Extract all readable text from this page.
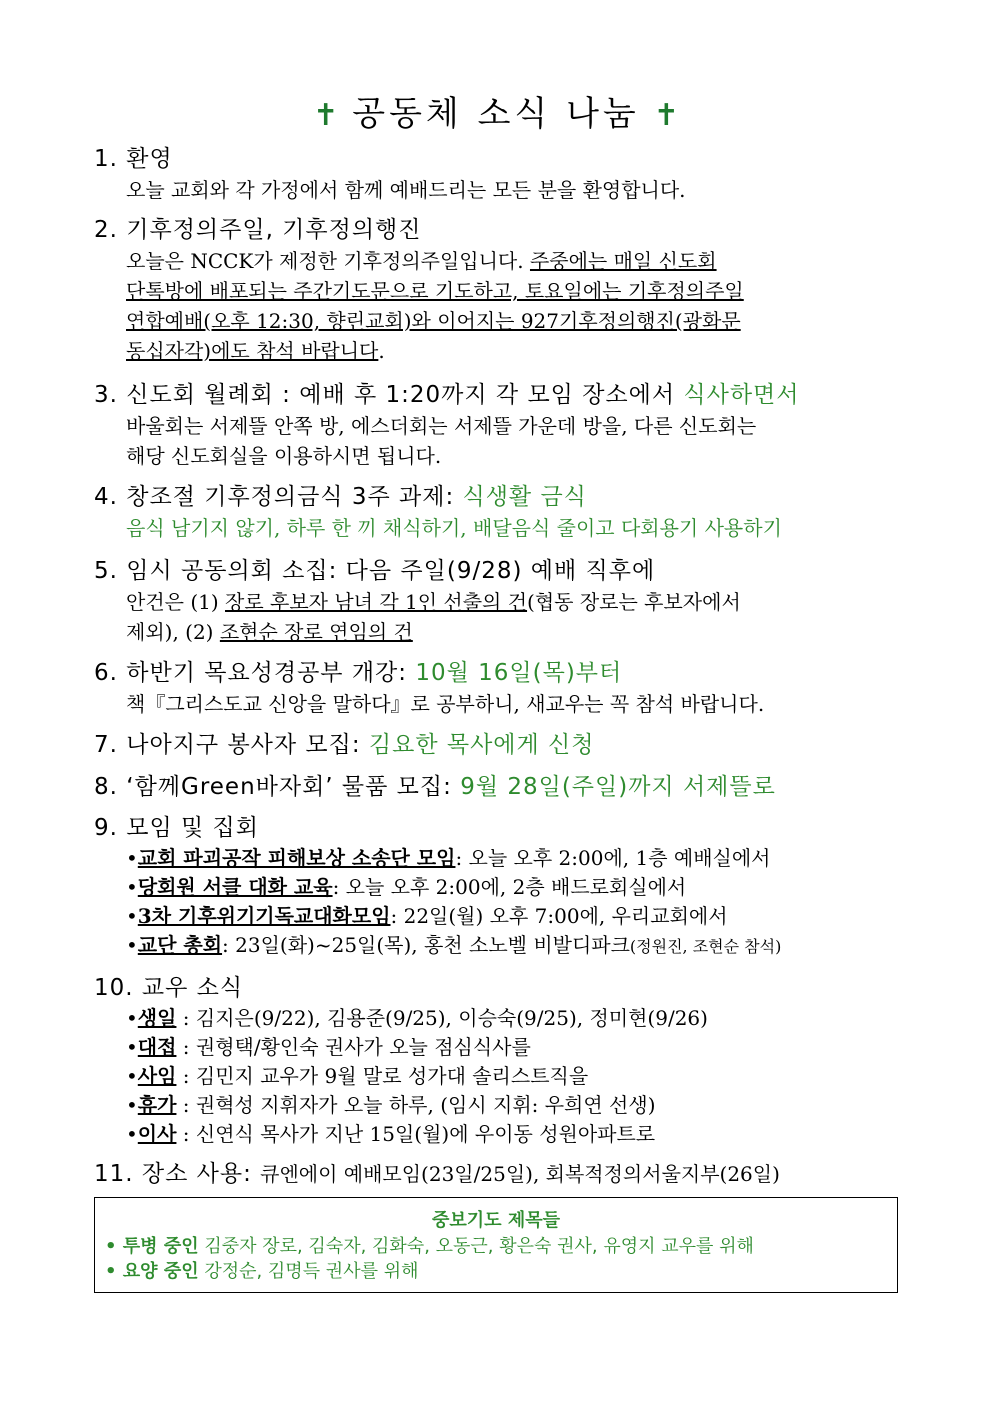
✝ 공동체 소식 나눔 ✝
1. 환영
오늘 교회와 각 가정에서 함께 예배드리는 모든 분을 환영합니다.
2. 기후정의주일, 기후정의행진
오늘은 NCCK가 제정한 기후정의주일입니다. 주중에는 매일 신도회
단톡방에 배포되는 주간기도문으로 기도하고, 토요일에는 기후정의주일
연합예배(오후 12:30, 향린교회)와 이어지는 927기후정의행진(광화문
동십자각)에도 참석 바랍니다.
3. 신도회 월례회 : 예배 후 1:20까지 각 모임 장소에서 식사하면서
바울회는 서제뜰 안쪽 방, 에스더회는 서제뜰 가운데 방을, 다른 신도회는
해당 신도회실을 이용하시면 됩니다.
4. 창조절 기후정의금식 3주 과제: 식생활 금식
음식 남기지 않기, 하루 한 끼 채식하기, 배달음식 줄이고 다회용기 사용하기
5. 임시 공동의회 소집: 다음 주일(9/28) 예배 직후에
안건은 (1) 장로 후보자 남녀 각 1인 선출의 건(협동 장로는 후보자에서
제외), (2) 조현순 장로 연임의 건
6. 하반기 목요성경공부 개강: 10월 16일(목)부터
책『그리스도교 신앙을 말하다』로 공부하니, 새교우는 꼭 참석 바랍니다.
7. 나아지구 봉사자 모집: 김요한 목사에게 신청
8. ‘함께Green바자회’ 물품 모집: 9월 28일(주일)까지 서제뜰로
9. 모임 및 집회
•교회 파괴공작 피해보상 소송단 모임: 오늘 오후 2:00에, 1층 예배실에서
•당회원 서클 대화 교육: 오늘 오후 2:00에, 2층 배드로회실에서
•3차 기후위기기독교대화모임: 22일(월) 오후 7:00에, 우리교회에서
•교단 총회: 23일(화)~25일(목), 홍천 소노벨 비발디파크(정원진, 조현순 참석)
10. 교우 소식
•생일 : 김지은(9/22), 김용준(9/25), 이승숙(9/25), 정미현(9/26)
•대접 : 권형택/황인숙 권사가 오늘 점심식사를
•사임 : 김민지 교우가 9월 말로 성가대 솔리스트직을
•휴가 : 권혁성 지휘자가 오늘 하루, (임시 지휘: 우희연 선생)
•이사 : 신연식 목사가 지난 15일(월)에 우이동 성원아파트로
11. 장소 사용: 큐엔에이 예배모임(23일/25일), 회복적정의서울지부(26일)
중보기도 제목들
• 투병 중인 김중자 장로, 김숙자, 김화숙, 오동근, 황은숙 권사, 유영지 교우를 위해
• 요양 중인 강정순, 김명득 권사를 위해
